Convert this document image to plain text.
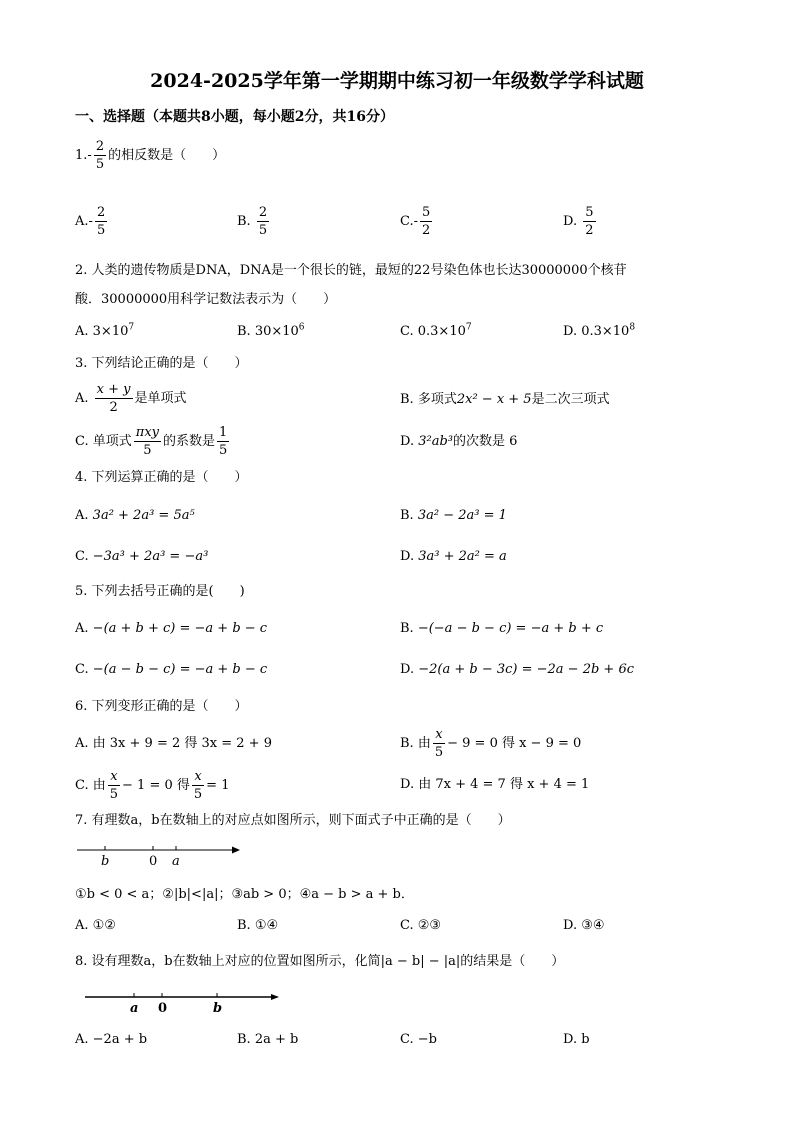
2024-2025学年第一学期期中练习初一年级数学学科试题
一、选择题（本题共8小题，每小题2分，共16分）
$1.- \frac{2}{5}$ 的相反数是（　　）
$A.- \frac{2}{5}$	B. $\frac{2}{5}$	$C.- \frac{5}{2}$	D. $\frac{5}{2}$
2. 人类的遗传物质是DNA，DNA是一个很长的链，最短的22号染色体也长达30000000个核苷
酸．30000000用科学记数法表示为（　　）
A. $3\times 10^7$	B. $30\times 10^6$	C. $0.3\times 10^7$	D. $0.3\times 10^8$
3. 下列结论正确的是（　　）
A. $\frac{x + y}{2}$ 是单项式	B. 多项式2x² − x + 5是二次三项式
C. 单项式 $\frac{\text{πxy}}{5}$ 的系数是 $\frac{1}{5}$	D. 3²ab³的次数是 6
4. 下列运算正确的是（　　）
A. 3a² + 2a³ = 5a⁵	B. 3a² − 2a³ = 1
C. −3a³ + 2a³ = −a³	D. 3a³ + 2a² = a
5. 下列去括号正确的是(　　)
A. −(a + b + c) = −a + b − c	B. −(−a − b − c) = −a + b + c
C. −(a − b − c) = −a + b − c	D. −2(a + b − 3c) = −2a − 2b + 6c
6. 下列变形正确的是（　　）
A. 由 3x + 9 = 2 得 3x = 2 + 9	B. 由 $\frac{x}{5} - 9 = 0$ 得 x − 9 = 0
C. 由 $\frac{x}{5} - 1 = 0$ 得 $\frac{x}{5} = 1$	D. 由 7x + 4 = 7 得 x + 4 = 1
7. 有理数a，b在数轴上的对应点如图所示，则下面式子中正确的是（　　）
b	0 a
①b < 0 < a；②|b|<|a|；③ab > 0；④a − b > a + b．
A. ①②	B. ①④	C. ②③	D. ③④
8. 设有理数a，b在数轴上对应的位置如图所示，化简|a − b| − |a|的结果是（　　）
a 0	b
A. −2a + b	B. 2a + b	C. −b	D. b
